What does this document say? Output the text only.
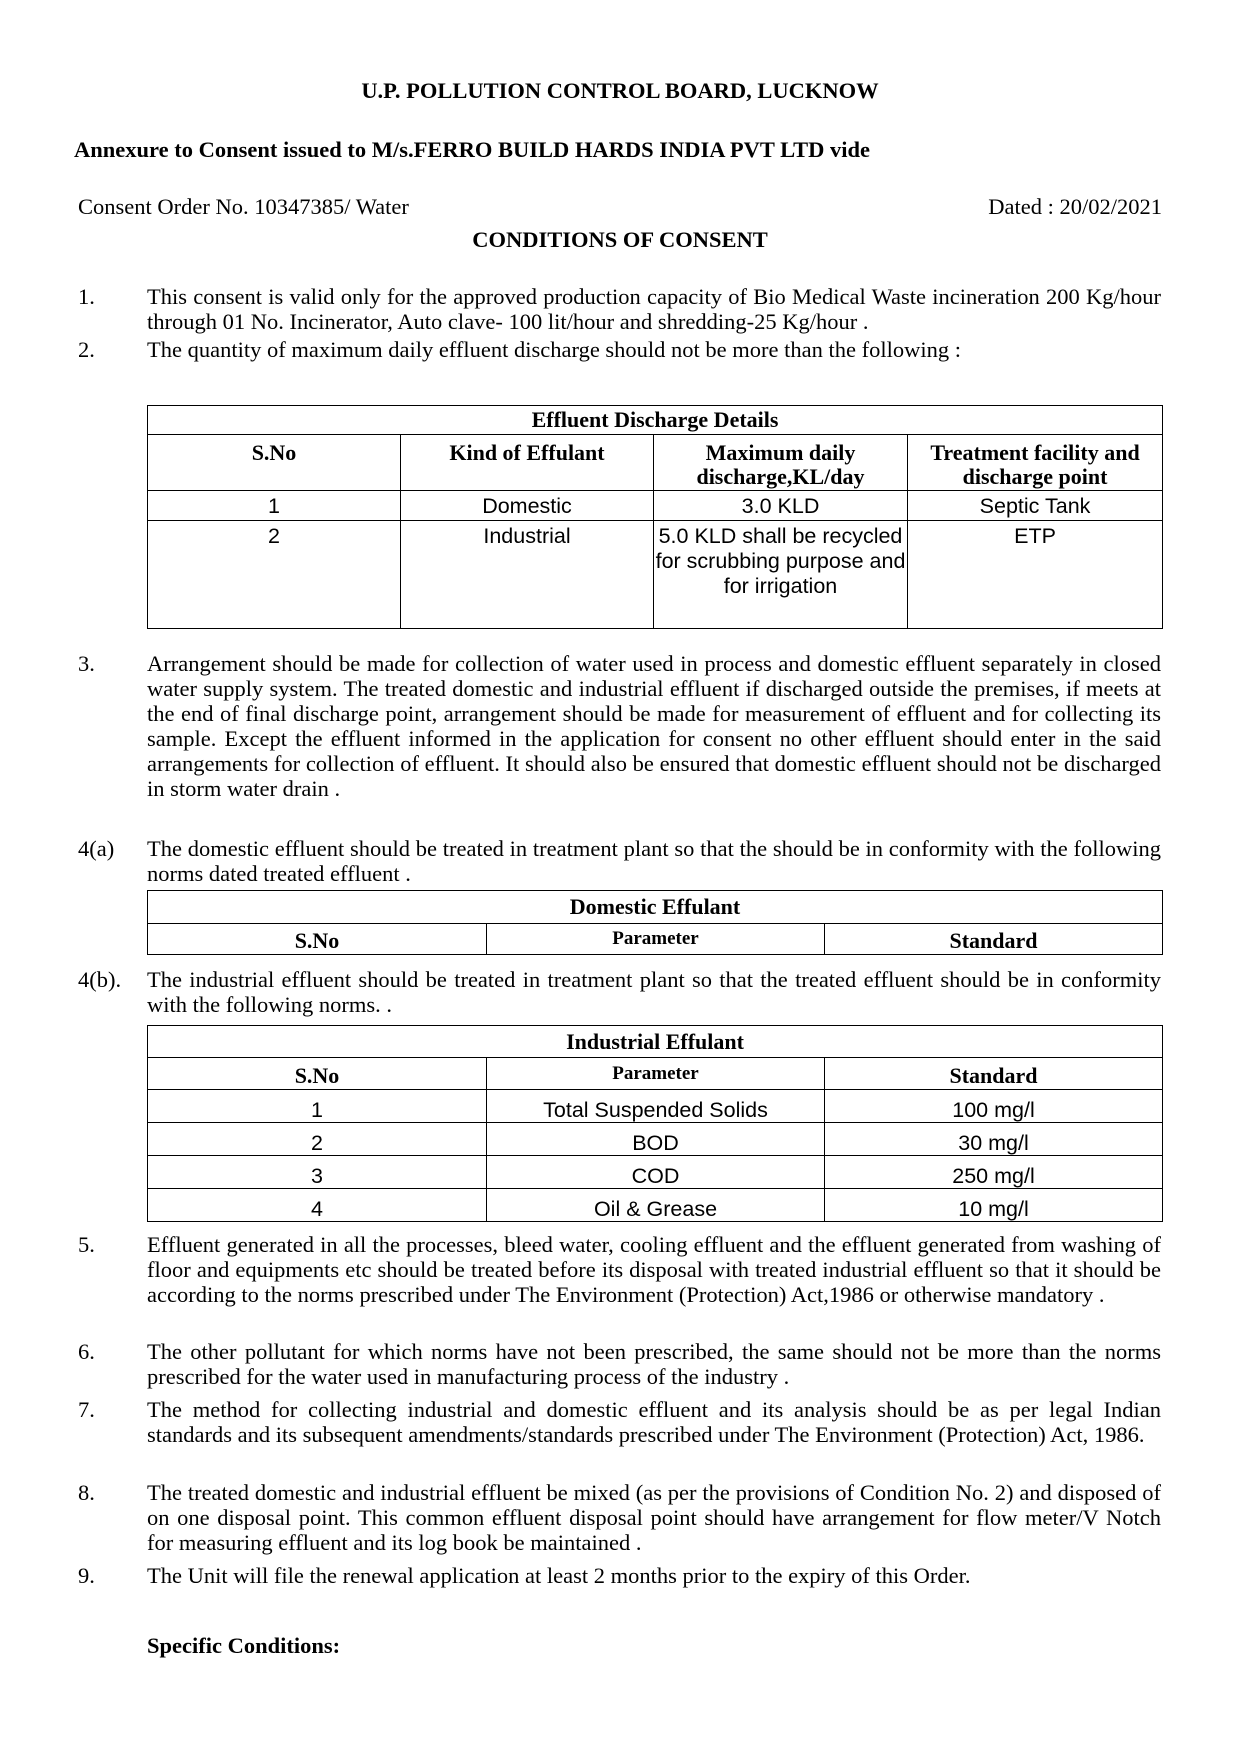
U.P. POLLUTION CONTROL BOARD, LUCKNOW
Annexure to Consent issued to M/s.FERRO BUILD HARDS INDIA PVT LTD vide
Consent Order No. 10347385/ Water	Dated : 20/02/2021
CONDITIONS OF CONSENT
1.	This consent is valid only for the approved production capacity of Bio Medical Waste incineration 200 Kg/hour through 01 No. Incinerator, Auto clave- 100 lit/hour and shredding-25 Kg/hour .
2.	The quantity of maximum daily effluent discharge should not be more than the following :
Effluent Discharge Details			
S.No	Kind of Effulant	Maximum daily discharge,KL/day	Treatment facility and discharge point
1	Domestic	3.0 KLD	Septic Tank
2	Industrial	5.0 KLD shall be recycled for scrubbing purpose and for irrigation	ETP
3.	Arrangement should be made for collection of water used in process and domestic effluent separately in closed water supply system. The treated domestic and industrial effluent if discharged outside the premises, if meets at the end of final discharge point, arrangement should be made for measurement of effluent and for collecting its sample. Except the effluent informed in the application for consent no other effluent should enter in the said arrangements for collection of effluent. It should also be ensured that domestic effluent should not be discharged in storm water drain .
4(a)	The domestic effluent should be treated in treatment plant so that the should be in conformity with the following norms dated treated effluent .
Domestic Effulant
S.No	Parameter	Standard
4(b).	The industrial effluent should be treated in treatment plant so that the treated effluent should be in conformity with the following norms. .
Industrial Effulant		
S.No	Parameter	Standard
1	Total Suspended Solids	100 mg/l
2	BOD	30 mg/l
3	COD	250 mg/l
4	Oil & Grease	10 mg/l
5.	Effluent generated in all the processes, bleed water, cooling effluent and the effluent generated from washing of floor and equipments etc should be treated before its disposal with treated industrial effluent so that it should be according to the norms prescribed under The Environment (Protection) Act,1986 or otherwise mandatory .
6.	The other pollutant for which norms have not been prescribed, the same should not be more than the norms prescribed for the water used in manufacturing process of the industry .
7.	The method for collecting industrial and domestic effluent and its analysis should be as per legal Indian standards and its subsequent amendments/standards prescribed under The Environment (Protection) Act, 1986.
8.	The treated domestic and industrial effluent be mixed (as per the provisions of Condition No. 2) and disposed of on one disposal point. This common effluent disposal point should have arrangement for flow meter/V Notch for measuring effluent and its log book be maintained .
9.	The Unit will file the renewal application at least 2 months prior to the expiry of this Order.
Specific Conditions:
